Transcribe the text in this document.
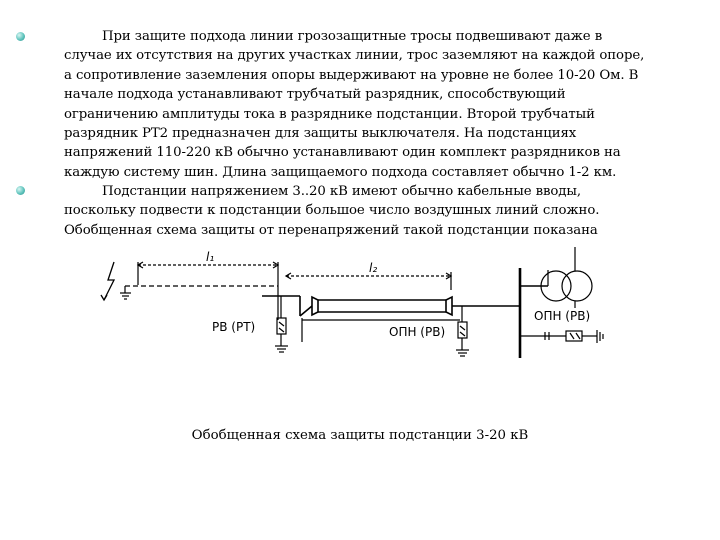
При защите подхода линии грозозащитные тросы подвешивают даже в
случае их отсутствия на других участках линии, трос заземляют на каждой опоре,
а сопротивление заземления опоры выдерживают на уровне не более 10-20 Ом. В
начале подхода устанавливают трубчатый разрядник, способствующий
ограничению амплитуды тока в разряднике подстанции. Второй трубчатый
разрядник РТ2 предназначен для защиты выключателя. На подстанциях
напряжений 110-220 кВ обычно устанавливают один комплект разрядников на
каждую систему шин. Длина защищаемого подхода составляет обычно 1-2 км.

Подстанции напряжением 3..20 кВ имеют обычно кабельные вводы,
поскольку подвести к подстанции большое число воздушных линий сложно.
Обобщенная схема защиты от перенапряжений такой подстанции показана

l₁
l₂
РВ (РТ)	ОПН (РВ)
ОПН (РВ)

Обобщенная схема защиты подстанции 3-20 кВ
